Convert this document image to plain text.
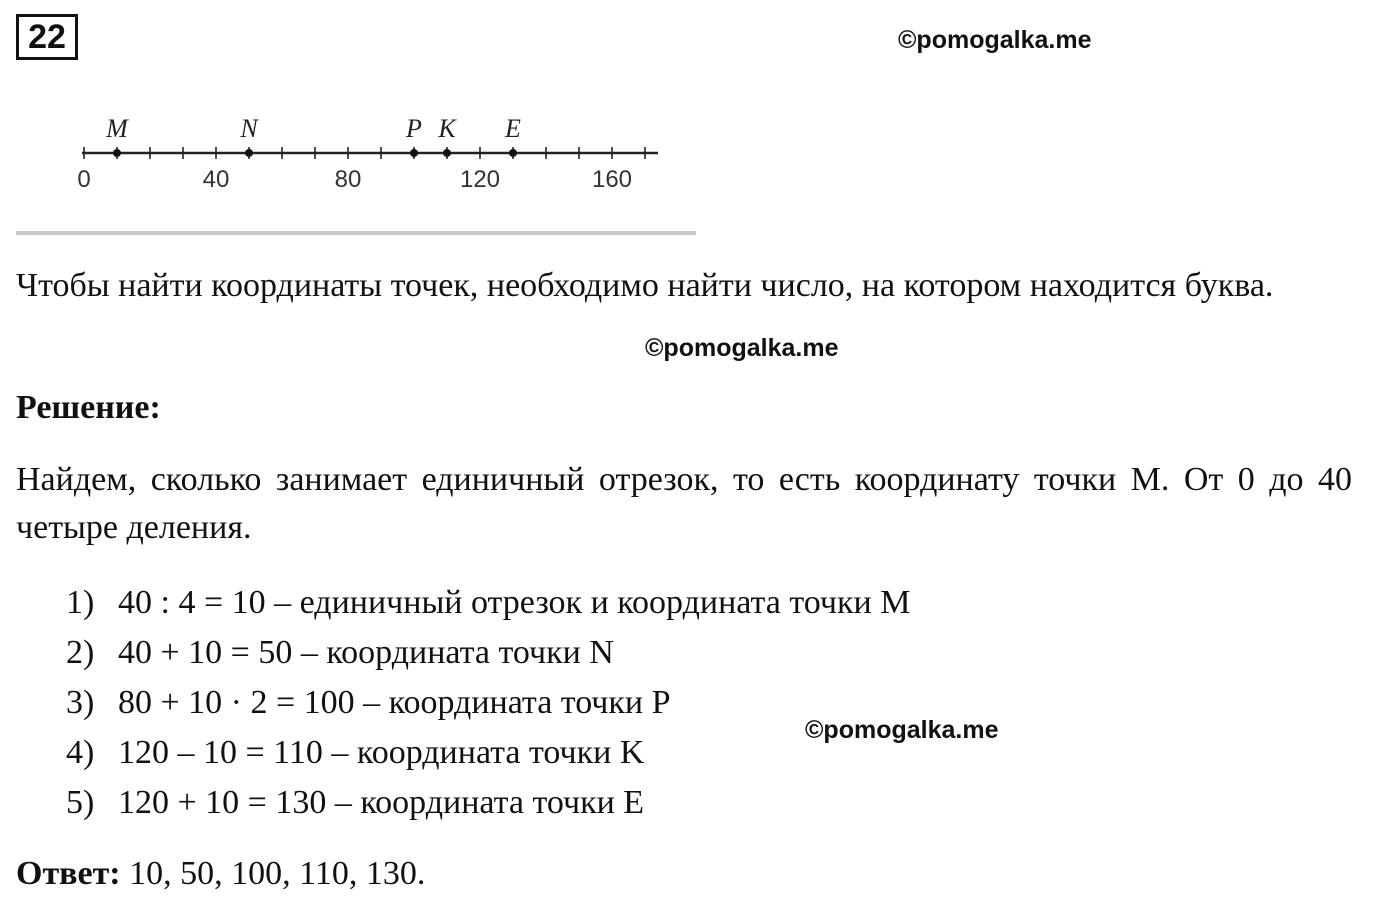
22	©pomogalka.me
0	40	80	120	160
M	N	P K E
Чтобы найти координаты точек, необходимо найти число, на котором находится буква.
©pomogalka.me
Решение:
Найдем, сколько занимает единичный отрезок, то есть координату точки M. От 0 до 40 четыре деления.
1) 40 : 4 = 10 – единичный отрезок и координата точки M
2) 40 + 10 = 50 – координата точки N
3) 80 + 10 · 2 = 100 – координата точки P
4) 120 – 10 = 110 – координата точки K
5) 120 + 10 = 130 – координата точки E
©pomogalka.me
Ответ: 10, 50, 100, 110, 130.
